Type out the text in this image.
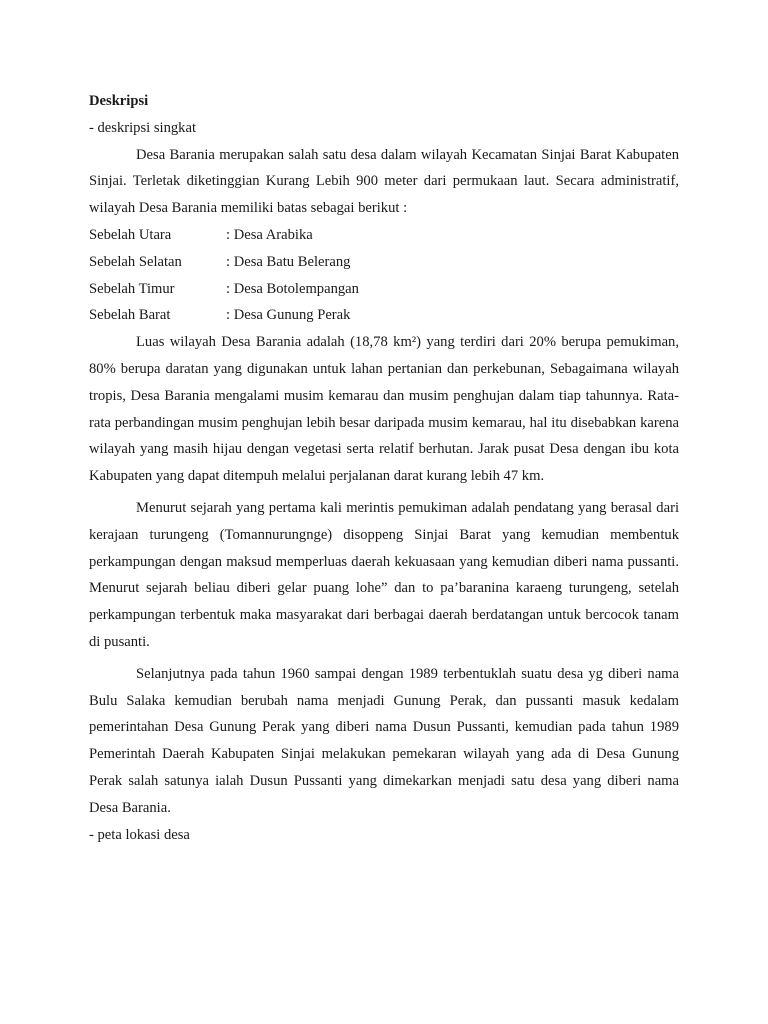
Deskripsi

- deskripsi singkat

Desa Barania merupakan salah satu desa dalam wilayah Kecamatan Sinjai Barat Kabupaten Sinjai. Terletak diketinggian Kurang Lebih 900 meter dari permukaan laut. Secara administratif, wilayah Desa Barania memiliki batas sebagai berikut :

Sebelah Utara	: Desa Arabika
Sebelah Selatan	: Desa Batu Belerang
Sebelah Timur	: Desa Botolempangan
Sebelah Barat	: Desa Gunung Perak

Luas wilayah Desa Barania adalah (18,78 km²) yang terdiri dari 20% berupa pemukiman, 80% berupa daratan yang digunakan untuk lahan pertanian dan perkebunan, Sebagaimana wilayah tropis, Desa Barania mengalami musim kemarau dan musim penghujan dalam tiap tahunnya. Rata-rata perbandingan musim penghujan lebih besar daripada musim kemarau, hal itu disebabkan karena wilayah yang masih hijau dengan vegetasi serta relatif berhutan. Jarak pusat Desa dengan ibu kota Kabupaten yang dapat ditempuh melalui perjalanan darat kurang lebih 47 km.

Menurut sejarah yang pertama kali merintis pemukiman adalah pendatang yang berasal dari kerajaan turungeng (Tomannurungnge) disoppeng Sinjai Barat yang kemudian membentuk perkampungan dengan maksud memperluas daerah kekuasaan yang kemudian diberi nama pussanti. Menurut sejarah beliau diberi gelar puang lohe” dan to pa’baranina karaeng turungeng, setelah perkampungan terbentuk maka masyarakat dari berbagai daerah berdatangan untuk bercocok tanam di pusanti.

Selanjutnya pada tahun 1960 sampai dengan 1989 terbentuklah suatu desa yg diberi nama Bulu Salaka kemudian berubah nama menjadi Gunung Perak, dan pussanti masuk kedalam pemerintahan Desa Gunung Perak yang diberi nama Dusun Pussanti, kemudian pada tahun 1989 Pemerintah Daerah Kabupaten Sinjai melakukan pemekaran wilayah yang ada di Desa Gunung Perak salah satunya ialah Dusun Pussanti yang dimekarkan menjadi satu desa yang diberi nama Desa Barania.

- peta lokasi desa
